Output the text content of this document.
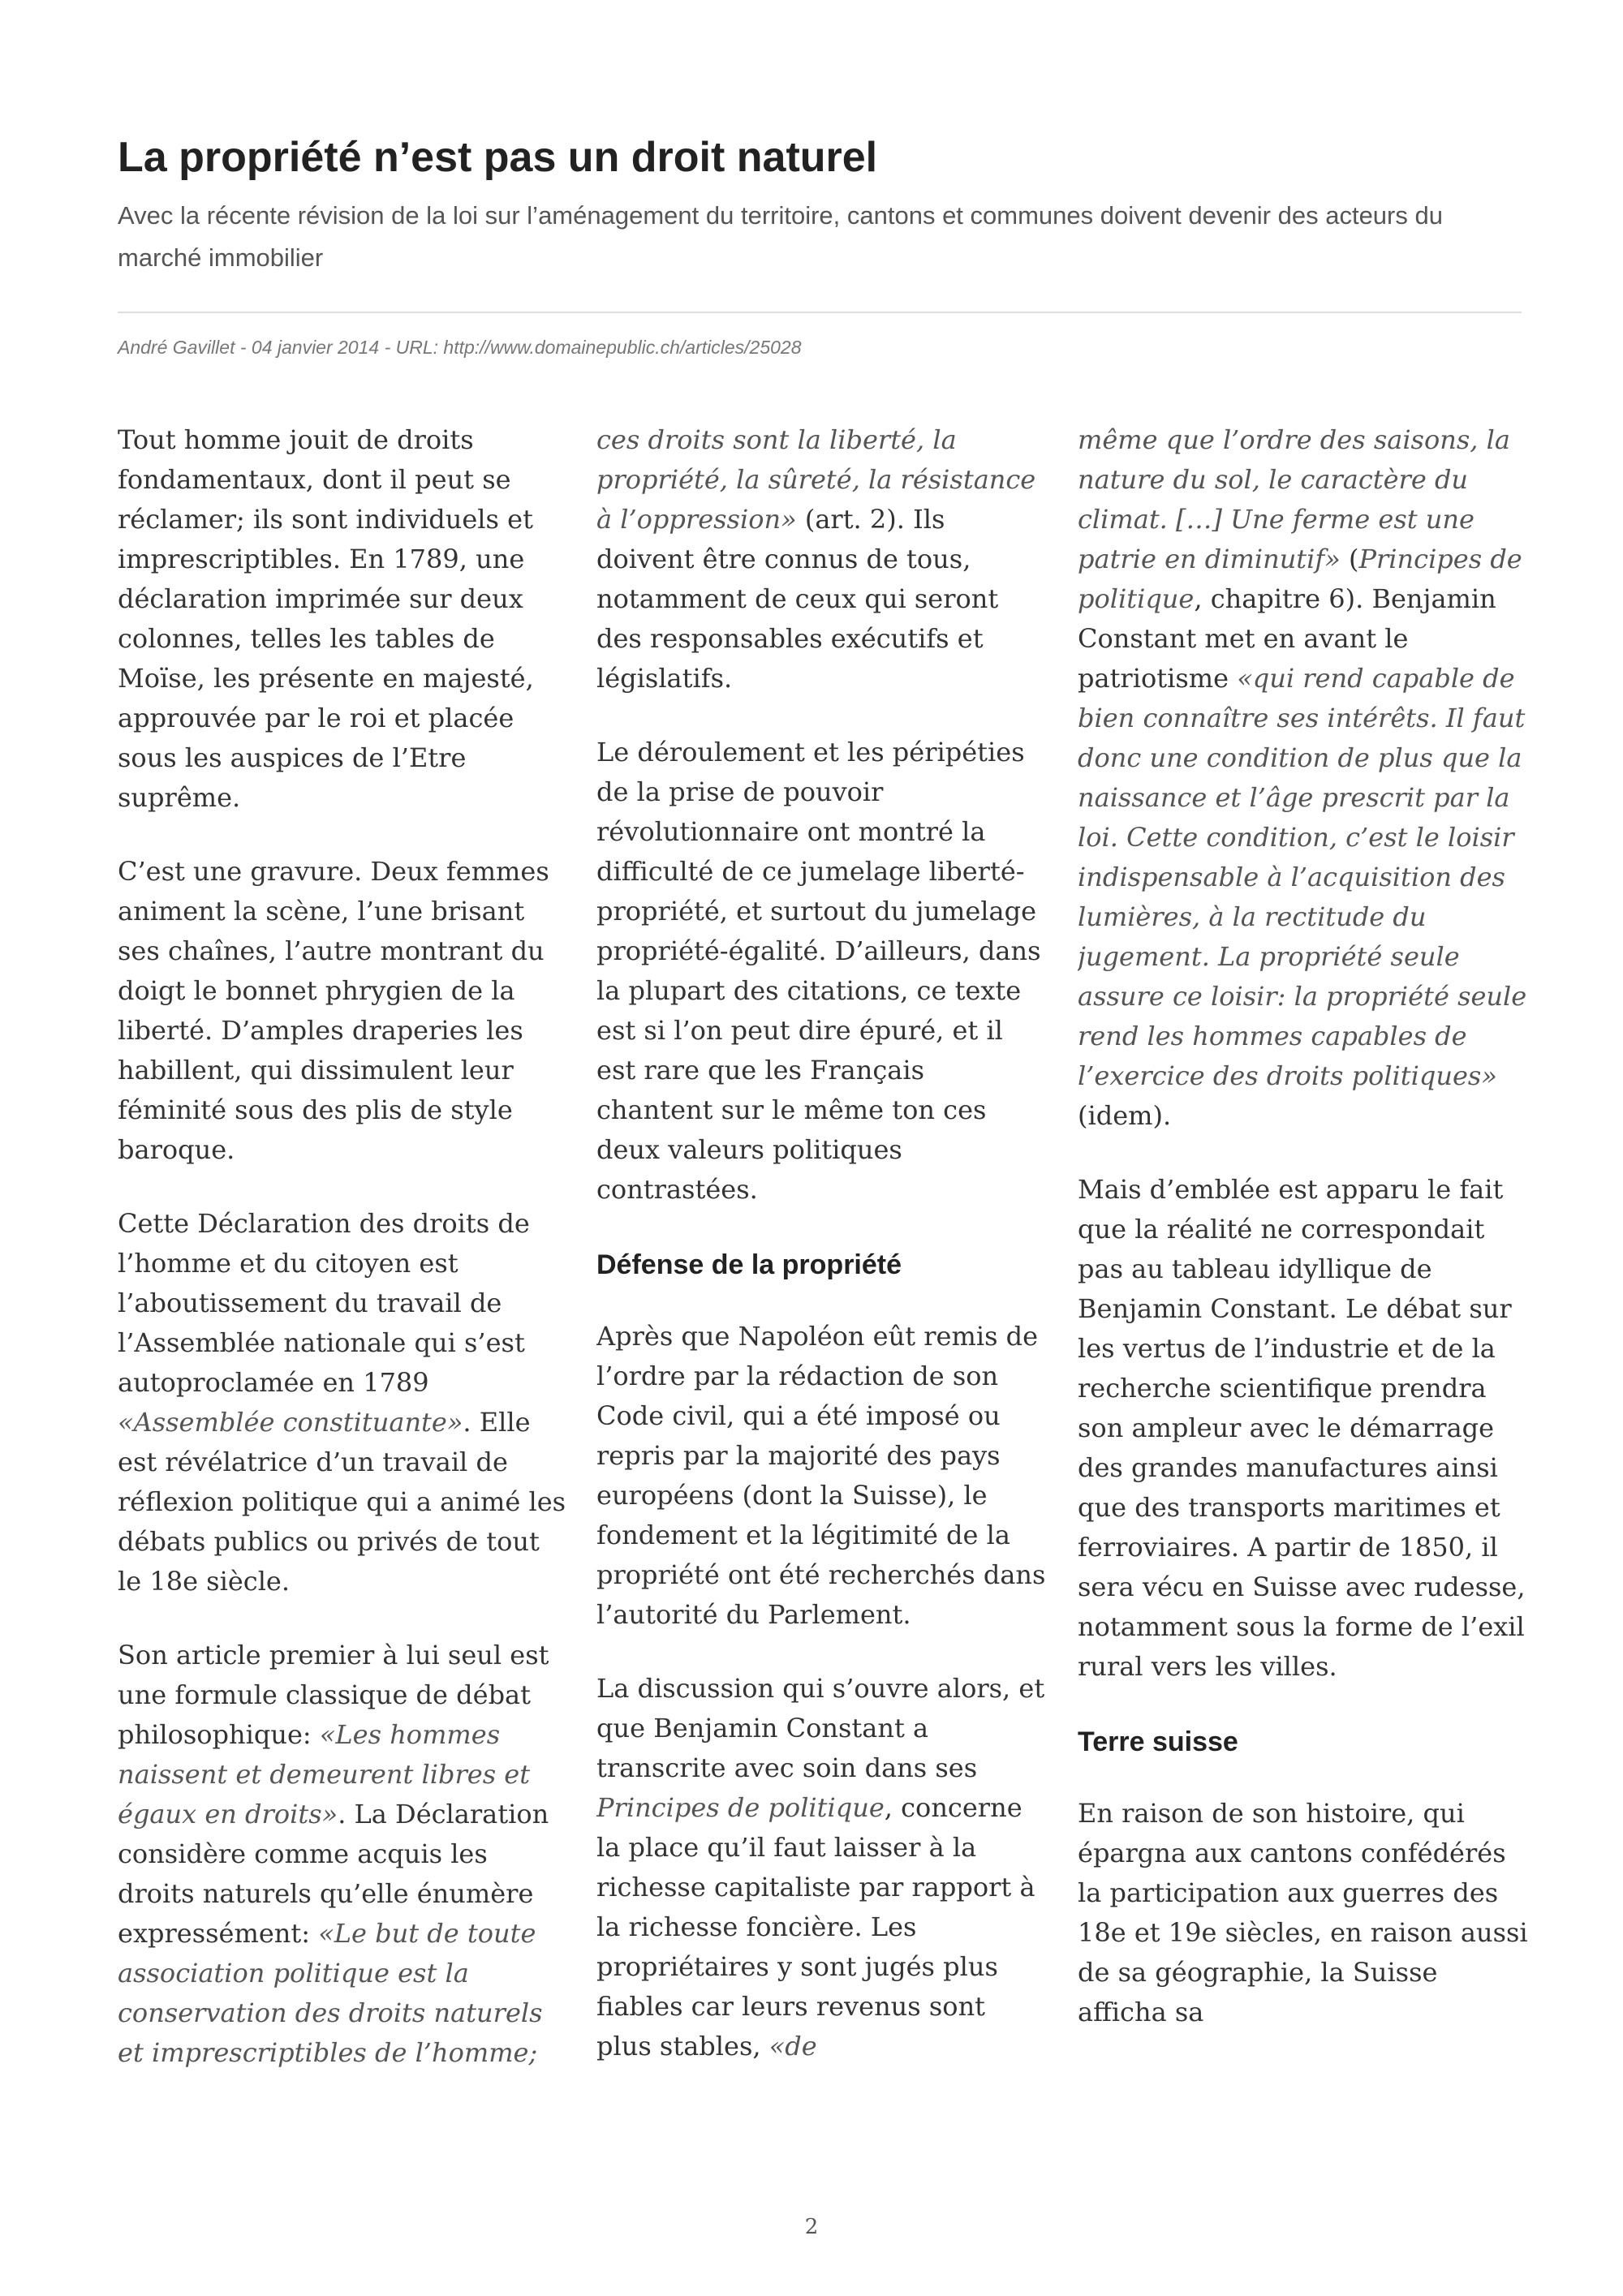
La propriété n’est pas un droit naturel

Avec la récente révision de la loi sur l’aménagement du territoire, cantons et communes doivent devenir des acteurs du marché immobilier

André Gavillet - 04 janvier 2014 - URL: http://www.domainepublic.ch/articles/25028

Tout homme jouit de droits fondamentaux, dont il peut se réclamer; ils sont individuels et imprescriptibles. En 1789, une déclaration imprimée sur deux colonnes, telles les tables de Moïse, les présente en majesté, approuvée par le roi et placée sous les auspices de l’Etre suprême.

C’est une gravure. Deux femmes animent la scène, l’une brisant ses chaînes, l’autre montrant du doigt le bonnet phrygien de la liberté. D’amples draperies les habillent, qui dissimulent leur féminité sous des plis de style baroque.

Cette Déclaration des droits de l’homme et du citoyen est l’aboutissement du travail de l’Assemblée nationale qui s’est autoproclamée en 1789 «Assemblée constituante». Elle est révélatrice d’un travail de réflexion politique qui a animé les débats publics ou privés de tout le 18e siècle.

Son article premier à lui seul est une formule classique de débat philosophique: «Les hommes naissent et demeurent libres et égaux en droits». La Déclaration considère comme acquis les droits naturels qu’elle énumère expressément: «Le but de toute association politique est la conservation des droits naturels et imprescriptibles de l’homme;

ces droits sont la liberté, la propriété, la sûreté, la résistance à l’oppression» (art. 2). Ils doivent être connus de tous, notamment de ceux qui seront des responsables exécutifs et législatifs.

Le déroulement et les péripéties de la prise de pouvoir révolutionnaire ont montré la difficulté de ce jumelage liberté-propriété, et surtout du jumelage propriété-égalité. D’ailleurs, dans la plupart des citations, ce texte est si l’on peut dire épuré, et il est rare que les Français chantent sur le même ton ces deux valeurs politiques contrastées.

Défense de la propriété

Après que Napoléon eût remis de l’ordre par la rédaction de son Code civil, qui a été imposé ou repris par la majorité des pays européens (dont la Suisse), le fondement et la légitimité de la propriété ont été recherchés dans l’autorité du Parlement.

La discussion qui s’ouvre alors, et que Benjamin Constant a transcrite avec soin dans ses Principes de politique, concerne la place qu’il faut laisser à la richesse capitaliste par rapport à la richesse foncière. Les propriétaires y sont jugés plus fiables car leurs revenus sont plus stables, «de

même que l’ordre des saisons, la nature du sol, le caractère du climat. […] Une ferme est une patrie en diminutif» (Principes de politique, chapitre 6). Benjamin Constant met en avant le patriotisme «qui rend capable de bien connaître ses intérêts. Il faut donc une condition de plus que la naissance et l’âge prescrit par la loi. Cette condition, c’est le loisir indispensable à l’acquisition des lumières, à la rectitude du jugement. La propriété seule assure ce loisir: la propriété seule rend les hommes capables de l’exercice des droits politiques» (idem).

Mais d’emblée est apparu le fait que la réalité ne correspondait pas au tableau idyllique de Benjamin Constant. Le débat sur les vertus de l’industrie et de la recherche scientifique prendra son ampleur avec le démarrage des grandes manufactures ainsi que des transports maritimes et ferroviaires. A partir de 1850, il sera vécu en Suisse avec rudesse, notamment sous la forme de l’exil rural vers les villes.

Terre suisse

En raison de son histoire, qui épargna aux cantons confédérés la participation aux guerres des 18e et 19e siècles, en raison aussi de sa géographie, la Suisse afficha sa

2
